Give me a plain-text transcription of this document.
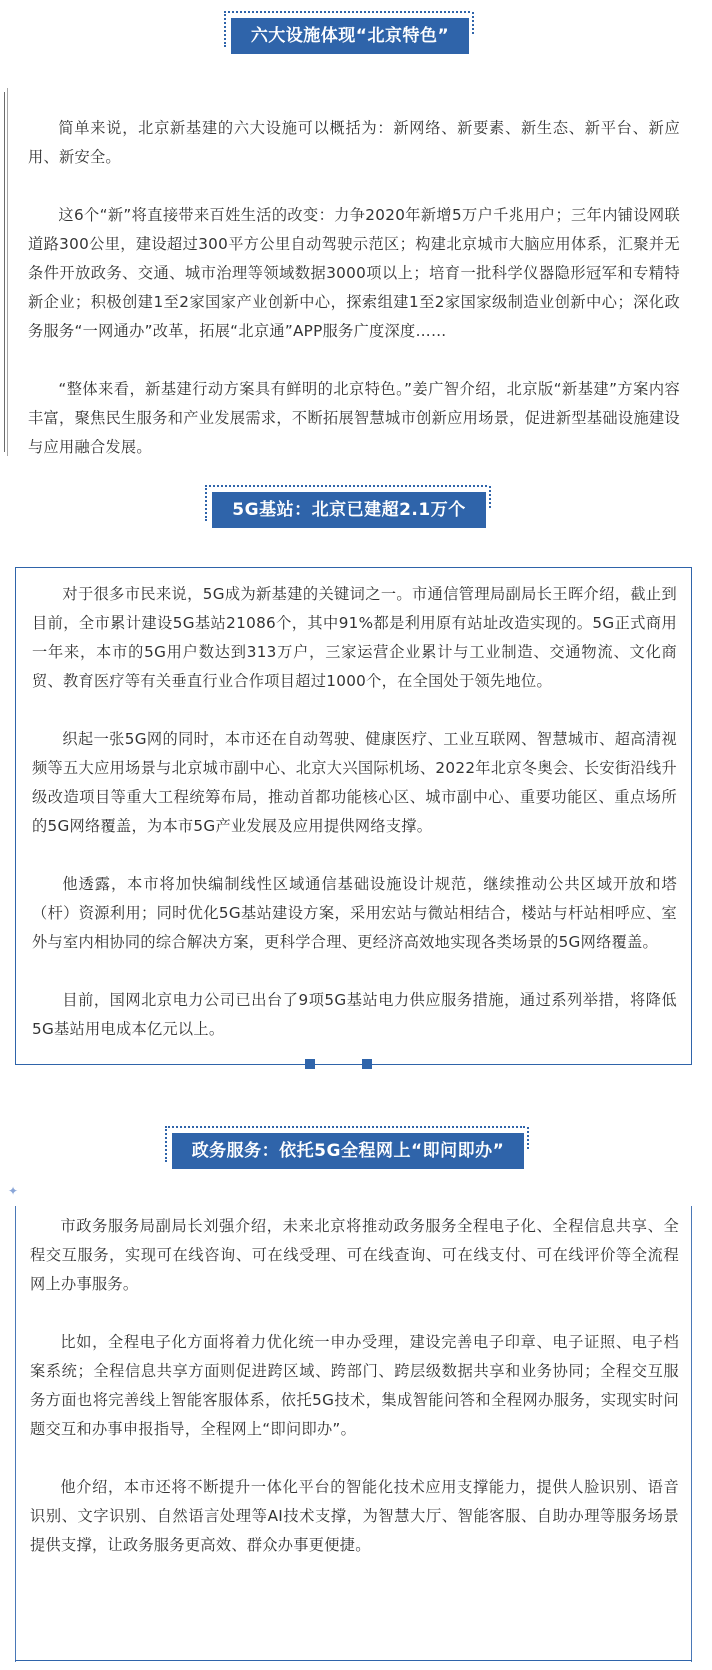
六大设施体现“北京特色”

简单来说，北京新基建的六大设施可以概括为：新网络、新要素、新生态、新平台、新应用、新安全。

这6个“新”将直接带来百姓生活的改变：力争2020年新增5万户千兆用户；三年内铺设网联道路300公里，建设超过300平方公里自动驾驶示范区；构建北京城市大脑应用体系，汇聚并无条件开放政务、交通、城市治理等领域数据3000项以上；培育一批科学仪器隐形冠军和专精特新企业；积极创建1至2家国家产业创新中心，探索组建1至2家国家级制造业创新中心；深化政务服务“一网通办”改革，拓展“北京通”APP服务广度深度……

“整体来看，新基建行动方案具有鲜明的北京特色。”姜广智介绍，北京版“新基建”方案内容丰富，聚焦民生服务和产业发展需求，不断拓展智慧城市创新应用场景，促进新型基础设施建设与应用融合发展。

5G基站：北京已建超2.1万个

对于很多市民来说，5G成为新基建的关键词之一。市通信管理局副局长王晖介绍，截止到目前，全市累计建设5G基站21086个，其中91%都是利用原有站址改造实现的。5G正式商用一年来，本市的5G用户数达到313万户，三家运营企业累计与工业制造、交通物流、文化商贸、教育医疗等有关垂直行业合作项目超过1000个，在全国处于领先地位。

织起一张5G网的同时，本市还在自动驾驶、健康医疗、工业互联网、智慧城市、超高清视频等五大应用场景与北京城市副中心、北京大兴国际机场、2022年北京冬奥会、长安街沿线升级改造项目等重大工程统筹布局，推动首都功能核心区、城市副中心、重要功能区、重点场所的5G网络覆盖，为本市5G产业发展及应用提供网络支撑。

他透露，本市将加快编制线性区域通信基础设施设计规范，继续推动公共区域开放和塔（杆）资源利用；同时优化5G基站建设方案，采用宏站与微站相结合，楼站与杆站相呼应、室外与室内相协同的综合解决方案，更科学合理、更经济高效地实现各类场景的5G网络覆盖。

目前，国网北京电力公司已出台了9项5G基站电力供应服务措施，通过系列举措，将降低5G基站用电成本亿元以上。

政务服务：依托5G全程网上“即问即办”
✦

市政务服务局副局长刘强介绍，未来北京将推动政务服务全程电子化、全程信息共享、全程交互服务，实现可在线咨询、可在线受理、可在线查询、可在线支付、可在线评价等全流程网上办事服务。

比如，全程电子化方面将着力优化统一申办受理，建设完善电子印章、电子证照、电子档案系统；全程信息共享方面则促进跨区域、跨部门、跨层级数据共享和业务协同；全程交互服务方面也将完善线上智能客服体系，依托5G技术，集成智能问答和全程网办服务，实现实时问题交互和办事申报指导，全程网上“即问即办”。

他介绍，本市还将不断提升一体化平台的智能化技术应用支撑能力，提供人脸识别、语音识别、文字识别、自然语言处理等AI技术支撑，为智慧大厅、智能客服、自助办理等服务场景提供支撑，让政务服务更高效、群众办事更便捷。
